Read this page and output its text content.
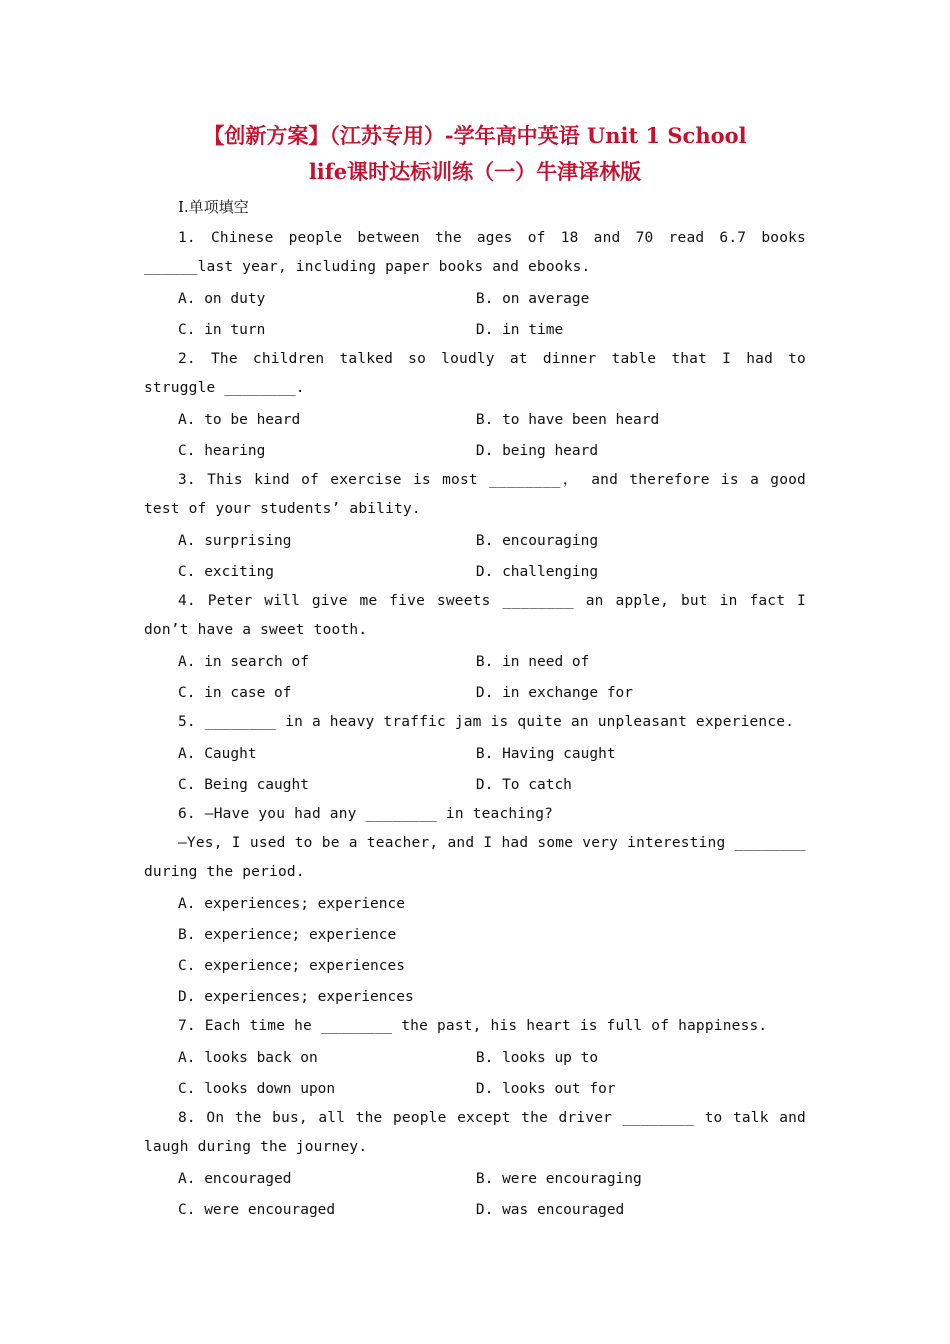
【创新方案】（江苏专用）-学年高中英语 Unit 1 School
life课时达标训练（一）牛津译林版
Ⅰ.单项填空

1. Chinese people between the ages of 18 and 70 read 6.7 books ______last year, including paper books and ebooks.

A. on duty	B. on average
C. in turn	D. in time

2. The children talked so loudly at dinner table that I had to struggle ________.

A. to be heard	B. to have been heard
C. hearing	D. being heard

3. This kind of exercise is most ________， and therefore is a good test of your students’ ability.

A. surprising	B. encouraging
C. exciting	D. challenging

4. Peter will give me five sweets ________ an apple, but in fact I don’t have a sweet tooth.

A. in search of	B. in need of
C. in case of	D. in exchange for

5. ________ in a heavy traffic jam is quite an unpleasant experience.

A. Caught	B. Having caught
C. Being caught	D. To catch

6. —Have you had any ________ in teaching?

—Yes, I used to be a teacher, and I had some very interesting ________ during the period.

A. experiences; experience
B. experience; experience
C. experience; experiences
D. experiences; experiences

7. Each time he ________ the past, his heart is full of happiness.

A. looks back on	B. looks up to
C. looks down upon	D. looks out for

8. On the bus, all the people except the driver ________ to talk and laugh during the journey.

A. encouraged	B. were encouraging
C. were encouraged	D. was encouraged
